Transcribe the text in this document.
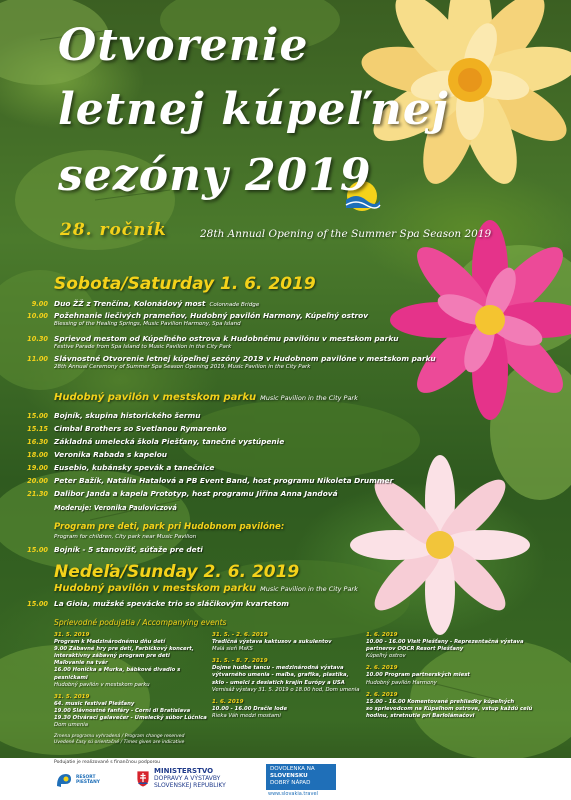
Otvorenie
letnej kúpeľnej
sezóny 2019
28. ročník	28th Annual Opening of the Summer Spa Season 2019
Sobota/Saturday 1. 6. 2019
9.00 Duo ŽŽ z Trenčína, Kolonádový most Colonnade Bridge
10.00 Požehnanie liečivých prameňov, Hudobný pavilón Harmony, Kúpeľný ostrov
Blessing of the Healing Springs, Music Pavilion Harmony, Spa Island
10.30 Sprievod mestom od Kúpeľného ostrova k Hudobnému pavilónu v mestskom parku
Festive Parade from Spa Island to Music Pavilion in the City Park
11.00 Slávnostné Otvorenie letnej kúpeľnej sezóny 2019 v Hudobnom pavilóne v mestskom parku
28th Annual Ceremony of Summer Spa Season Opening 2019, Music Pavilion in the City Park
Hudobný pavilón v mestskom parku Music Pavilion in the City Park
15.00 Bojník, skupina historického šermu
15.15 Cimbal Brothers so Svetlanou Rymarenko
16.30 Základná umelecká škola Piešťany, tanečné vystúpenie
18.00 Veronika Rabada s kapelou
19.00 Eusebio, kubánsky spevák a tanečnice
20.00 Peter Bažík, Natália Hatalová a PB Event Band, host programu Nikoleta Drummer
21.30 Dalibor Janda a kapela Prototyp, host programu Jiřina Anna Jandová
Moderuje: Veronika Pauloviczová
Program pre deti, park pri Hudobnom pavilóne:
Program for children, City park near Music Pavilion
15.00 Bojník - 5 stanovíšť, súťaže pre deti
Nedeľa/Sunday 2. 6. 2019
Hudobný pavilón v mestskom parku Music Pavilion in the City Park
15.00 La Gioia, mužské spevácke trio so sláčikovým kvartetom
Sprievodné podujatia / Accompanying events
31. 5. 2019
Program k Medzinárodnému dňu detí
9.00 Zábavné hry pre deti, Farbičkový koncert,
interaktívny zábavný program pre deti
Maľovanie na tvár
16.00 Honička a Murka, bábkové divadlo s pesničkami
Hudobný pavilón v mestskom parku
31. 5. 2019
64. music festival Piešťany
19.00 Slávnostné fanfáry - Corni di Bratislava
19.30 Otvárací galavečer - Umelecký súbor Lúčnica
Dom umenia
Zmena programu vyhradená / Program change reserved
Uvedené časy sú orientačné / Times given are indicative
31. 5. - 2. 6. 2019
Tradičná výstava kaktusov a sukulentov
Malá sieň MsKS
31. 5. - 8. 7. 2019
Dojme hudbe tancu - medzinárodná výstava
výtvarného umenia - maľba, grafika, plastika,
sklo - umelci z desiatich krajín Európy a USA
Vernisáž výstavy 31. 5. 2019 o 18.00 hod, Dom umenia
1. 6. 2019
10.00 - 16.00 Dračie lode
Rieka Váh medzi mostami
1. 6. 2019
10.00 - 16.00 Visit Piešťany - Reprezentačná výstava
partnerov OOCR Resort Piešťany
Kúpeľný ostrov
2. 6. 2019
10.00 Program partnerských miest
Hudobný pavilón Harmony
2. 6. 2019
15.00 - 16.00 Komentované prehliadky kúpeľných
so sprievodcom na Kúpeľnom ostrove, vstup každú celú
hodinu, stretnutie pri Barlolámačovi
Podujatie je realizované s finančnou podporou
RESORT
PIEŠŤANY
MINISTERSTVO
DOPRAVY A VÝSTAVBY
SLOVENSKEJ REPUBLIKY
DOVOLENKA NA
SLOVENSKU
DOBRÝ NÁPAD
www.slovakia.travel
